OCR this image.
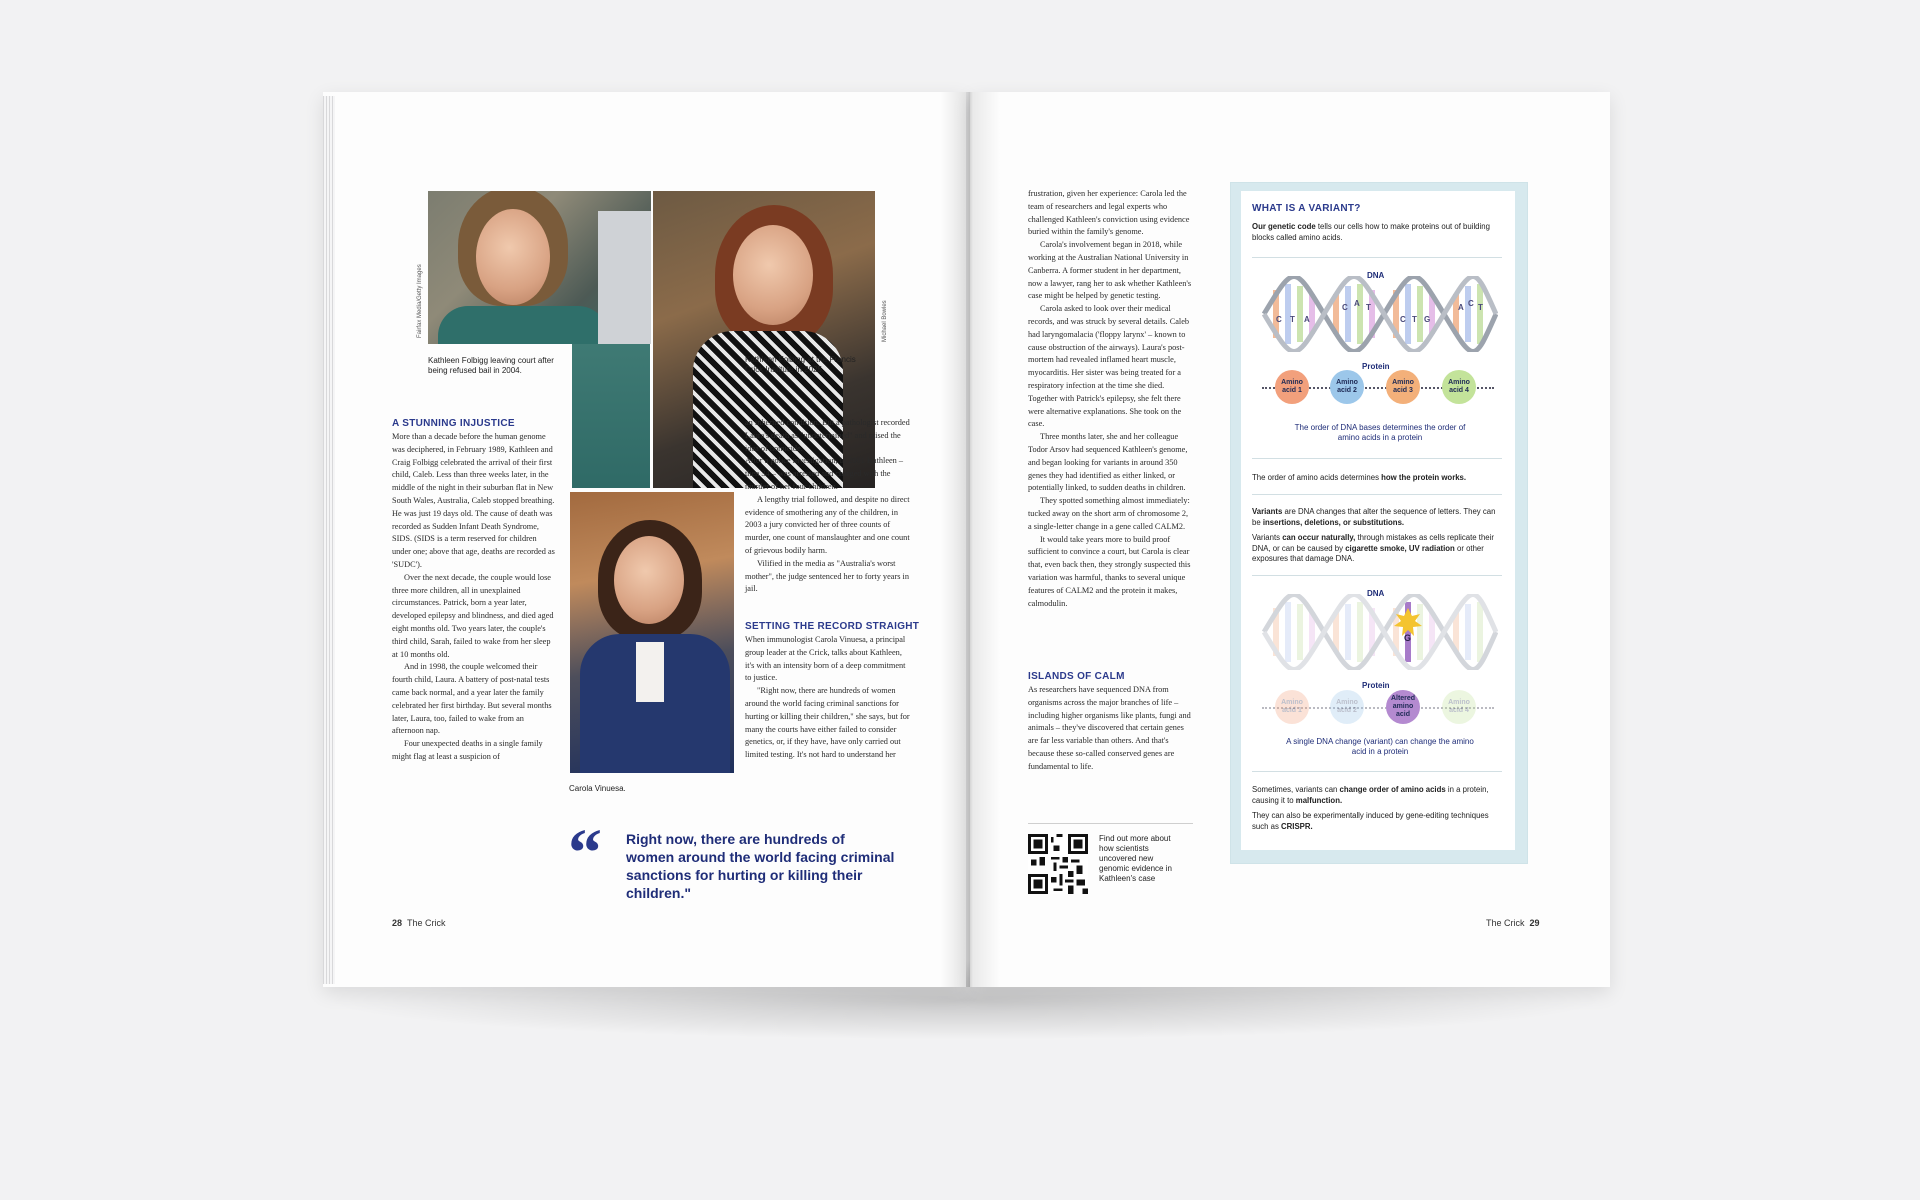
Fairfax Media/Getty Images	Michael Bowles
Kathleen Folbigg leaving court after being refused bail in 2004.
Kathleen Folbigg at the Francis Crick Institute in 2025.
Carola Vinuesa.
A STUNNING INJUSTICE

More than a decade before the human genome was deciphered, in February 1989, Kathleen and Craig Folbigg celebrated the arrival of their first child, Caleb. Less than three weeks later, in the middle of the night in their suburban flat in New South Wales, Australia, Caleb stopped breathing. He was just 19 days old. The cause of death was recorded as Sudden Infant Death Syndrome, SIDS. (SIDS is a term reserved for children under one; above that age, deaths are recorded as 'SUDC').

Over the next decade, the couple would lose three more children, all in unexplained circumstances. Patrick, born a year later, developed epilepsy and blindness, and died aged eight months old. Two years later, the couple's third child, Sarah, failed to wake from her sleep at 10 months old.

And in 1998, the couple welcomed their fourth child, Laura. A battery of post-natal tests came back normal, and a year later the family celebrated her first birthday. But several months later, Laura, too, failed to wake from an afternoon nap.

Four unexpected deaths in a single family might flag at least a suspicion of

an inherited condition. But a pathologist recorded Laura's death as "undetermined" and raised the idea of homicide.

After a police investigation, in 2001 Kathleen – then 34 – was arrested and charged with the murder of her four children.

A lengthy trial followed, and despite no direct evidence of smothering any of the children, in 2003 a jury convicted her of three counts of murder, one count of manslaughter and one count of grievous bodily harm.

Vilified in the media as "Australia's worst mother", the judge sentenced her to forty years in jail.

SETTING THE RECORD STRAIGHT

When immunologist Carola Vinuesa, a principal group leader at the Crick, talks about Kathleen, it's with an intensity born of a deep commitment to justice.

"Right now, there are hundreds of women around the world facing criminal sanctions for hurting or killing their children," she says, but for many the courts have either failed to consider genetics, or, if they have, have only carried out limited testing. It's not hard to understand her

“ Right now, there are hundreds of women around the world facing criminal sanctions for hurting or killing their children."
28 The Crick

frustration, given her experience: Carola led the team of researchers and legal experts who challenged Kathleen's conviction using evidence buried within the family's genome.

Carola's involvement began in 2018, while working at the Australian National University in Canberra. A former student in her department, now a lawyer, rang her to ask whether Kathleen's case might be helped by genetic testing.

Carola asked to look over their medical records, and was struck by several details. Caleb had laryngomalacia ('floppy larynx' – known to cause obstruction of the airways). Laura's post-mortem had revealed inflamed heart muscle, myocarditis. Her sister was being treated for a respiratory infection at the time she died. Together with Patrick's epilepsy, she felt there were alternative explanations. She took on the case.

Three months later, she and her colleague Todor Arsov had sequenced Kathleen's genome, and began looking for variants in around 350 genes they had identified as either linked, or potentially linked, to sudden deaths in children.

They spotted something almost immediately: tucked away on the short arm of chromosome 2, a single-letter change in a gene called CALM2.

It would take years more to build proof sufficient to convince a court, but Carola is clear that, even back then, they strongly suspected this variation was harmful, thanks to several unique features of CALM2 and the protein it makes, calmodulin.

ISLANDS OF CALM

As researchers have sequenced DNA from organisms across the major branches of life – including higher organisms like plants, fungi and animals – they've discovered that certain genes are far less variable than others. And that's because these so-called conserved genes are fundamental to life.

Find out more about how scientists uncovered new genomic evidence in Kathleen's case
The Crick 29
WHAT IS A VARIANT?
Our genetic code tells our cells how to make proteins out of building blocks called amino acids.
DNA
C T A
C A T
C T G
A C T
Protein
Amino acid 1
Amino acid 2
Amino acid 3
Amino acid 4
The order of DNA bases determines the order of amino acids in a protein
The order of amino acids determines how the protein works.
Variants are DNA changes that alter the sequence of letters. They can be insertions, deletions, or substitutions.
Variants can occur naturally, through mistakes as cells replicate their DNA, or can be caused by cigarette smoke, UV radiation or other exposures that damage DNA.
DNA
G
Protein
Amino acid 1
Amino acid 2
Altered amino acid
Amino acid 4
A single DNA change (variant) can change the amino acid in a protein
Sometimes, variants can change order of amino acids in a protein, causing it to malfunction.
They can also be experimentally induced by gene-editing techniques such as CRISPR.
